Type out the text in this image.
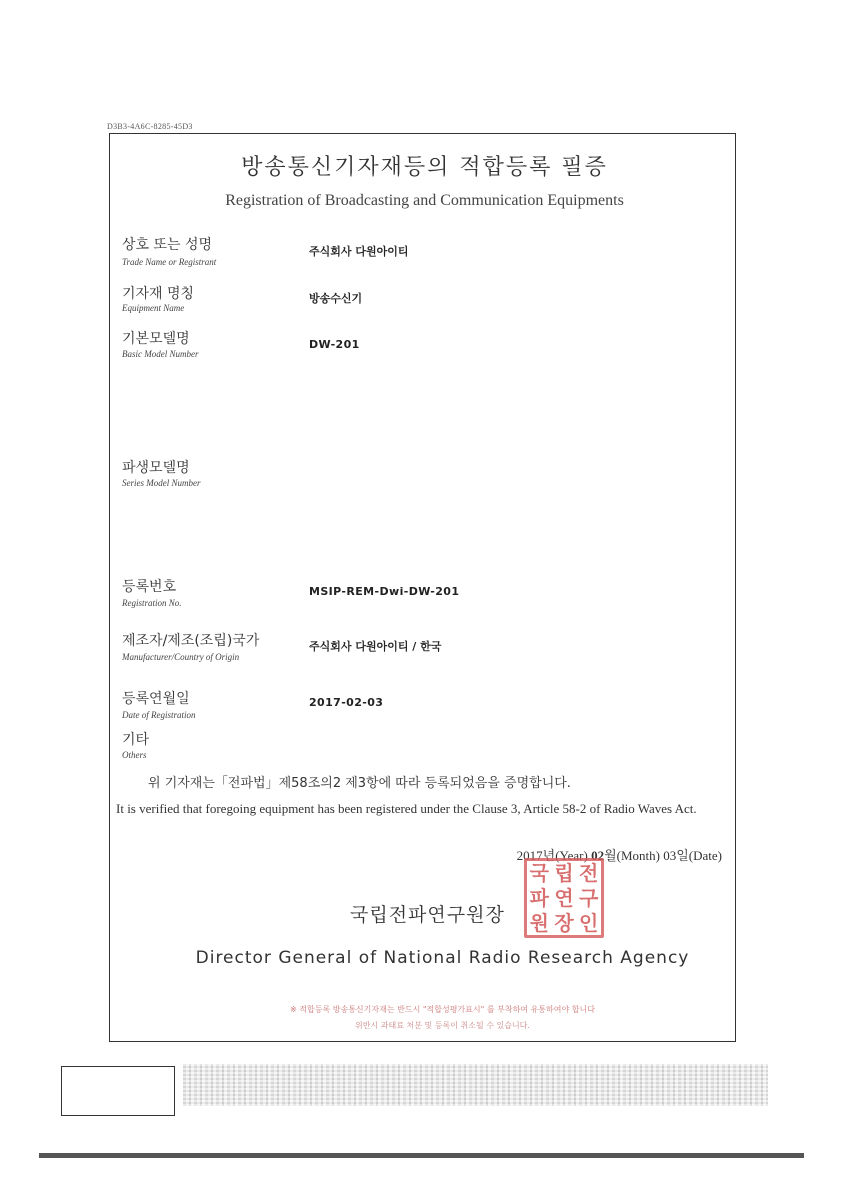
D3B3-4A6C-8285-45D3
방송통신기자재등의 적합등록 필증
Registration of Broadcasting and Communication Equipments
상호 또는 성명
Trade Name or Registrant
주식회사 다원아이티
기자재 명칭
Equipment Name
방송수신기
기본모델명
Basic Model Number
DW-201
파생모델명
Series Model Number
등록번호
Registration No.
MSIP-REM-Dwi-DW-201
제조자/제조(조립)국가
Manufacturer/Country of Origin
주식회사 다원아이티 / 한국
등록연월일
Date of Registration
2017-02-03
기타
Others
위 기자재는「전파법」제58조의2 제3항에 따라 등록되었음을 증명합니다.
It is verified that foregoing equipment has been registered under the Clause 3, Article 58-2 of Radio Waves Act.
2017년(Year) 02월(Month) 03일(Date)
국립전파연구원장
국 립 전
파 연 구
원 장 인
Director General of National Radio Research Agency
※ 적합등록 방송통신기자재는 반드시 "적합성평가표시" 를 부착하여 유통하여야 합니다
위반시 과태료 처분 및 등록이 취소될 수 있습니다.
